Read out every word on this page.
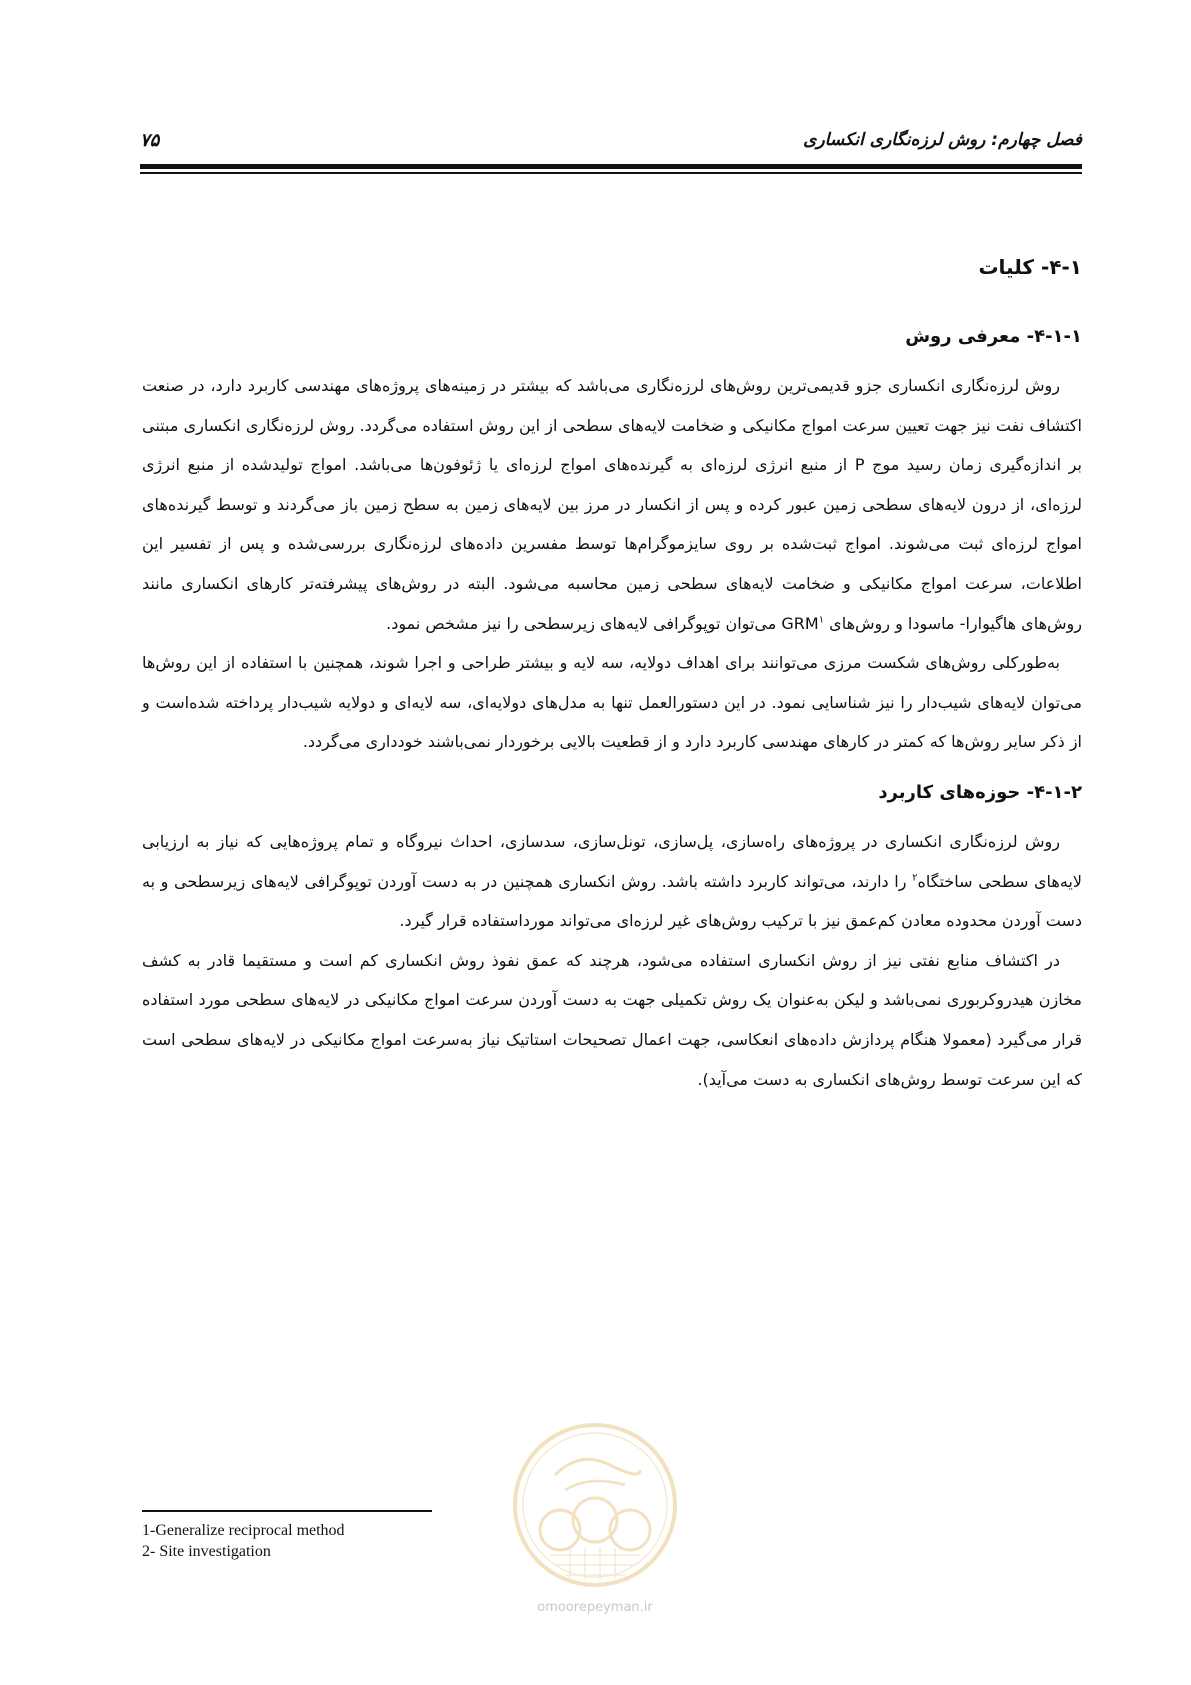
فصل چهارم: روش لرزه‌نگاری انکساری
۷۵
۴-۱- کلیات
۴-۱-۱- معرفی روش

روش لرزه‌نگاری انکساری جزو قدیمی‌ترین روش‌های لرزه‌نگاری می‌باشد که بیشتر در زمینه‌های پروژه‌های مهندسی کاربرد دارد، در صنعت اکتشاف نفت نیز جهت تعیین سرعت امواج مکانیکی و ضخامت لایه‌های سطحی از این روش استفاده می‌گردد. روش لرزه‌نگاری انکساری مبتنی بر اندازه‌گیری زمان رسید موج P از منبع انرژی لرزه‌ای به گیرنده‌های امواج لرزه‌ای یا ژئوفون‌ها می‌باشد. امواج تولیدشده از منبع انرژی لرزه‌ای، از درون لایه‌های سطحی زمین عبور کرده و پس از انکسار در مرز بین لایه‌های زمین به سطح زمین باز می‌گردند و توسط گیرنده‌های امواج لرزه‌ای ثبت می‌شوند. امواج ثبت‌شده بر روی سایزموگرام‌ها توسط مفسرین داده‌های لرزه‌نگاری بررسی‌شده و پس از تفسیر این اطلاعات، سرعت امواج مکانیکی و ضخامت لایه‌های سطحی زمین محاسبه می‌شود. البته در روش‌های پیشرفته‌تر کارهای انکساری مانند روش‌های هاگیوارا- ماسودا و روش‌های GRM$^۱$ می‌توان توپوگرافی لایه‌های زیرسطحی را نیز مشخص نمود.

به‌طورکلی روش‌های شکست مرزی می‌توانند برای اهداف دولایه، سه لایه و بیشتر طراحی و اجرا شوند، همچنین با استفاده از این روش‌ها می‌توان لایه‌های شیب‌دار را نیز شناسایی نمود. در این دستورالعمل تنها به مدل‌های دولایه‌ای، سه لایه‌ای و دولایه شیب‌دار پرداخته شده‌است و از ذکر سایر روش‌ها که کمتر در کارهای مهندسی کاربرد دارد و از قطعیت بالایی برخوردار نمی‌باشند خودداری می‌گردد.

۴-۱-۲- حوزه‌های کاربرد

روش لرزه‌نگاری انکساری در پروژه‌های راه‌سازی، پل‌سازی، تونل‌سازی، سدسازی، احداث نیروگاه و تمام پروژه‌هایی که نیاز به ارزیابی لایه‌های سطحی ساختگاه$^۲$ را دارند، می‌تواند کاربرد داشته باشد. روش انکساری همچنین در به دست آوردن توپوگرافی لایه‌های زیرسطحی و به دست آوردن محدوده معادن کم‌عمق نیز با ترکیب روش‌های غیر لرزه‌ای می‌تواند مورداستفاده قرار گیرد.

در اکتشاف منابع نفتی نیز از روش انکساری استفاده می‌شود، هرچند که عمق نفوذ روش انکساری کم است و مستقیما قادر به کشف مخازن هیدروکربوری نمی‌باشد و لیکن به‌عنوان یک روش تکمیلی جهت به دست آوردن سرعت امواج مکانیکی در لایه‌های سطحی مورد استفاده قرار می‌گیرد (معمولا هنگام پردازش داده‌های انعکاسی، جهت اعمال تصحیحات استاتیک نیاز به‌سرعت امواج مکانیکی در لایه‌های سطحی است که این سرعت توسط روش‌های انکساری به دست می‌آید).

omoorepeyman.ir
1-Generalize reciprocal method
2- Site investigation
